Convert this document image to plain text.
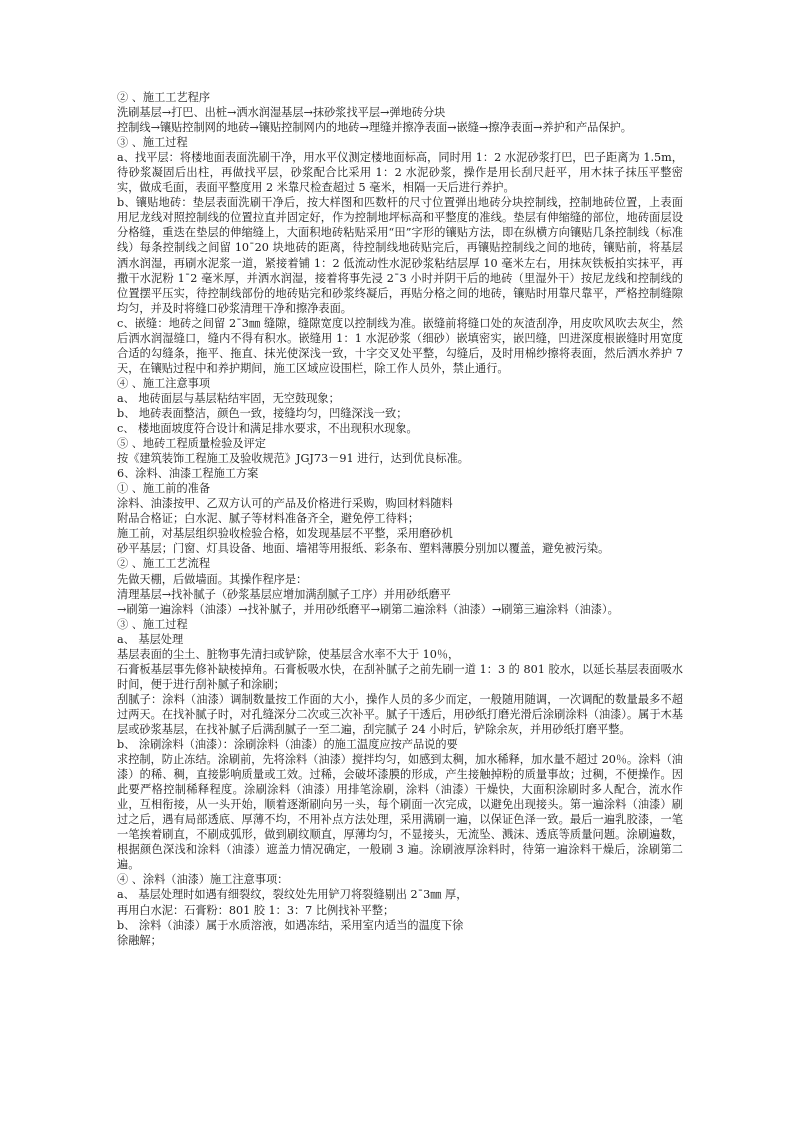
② 、施工工艺程序
洗刷基层→打巴、出桩→洒水润湿基层→抹砂浆找平层→弹地砖分块
控制线→镶贴控制网的地砖→镶贴控制网内的地砖→理缝并擦净表面→嵌缝→擦净表面→养护和产品保护。
③ 、施工过程
a、找平层：将楼地面表面洗刷干净，用水平仪测定楼地面标高，同时用 1：2 水泥砂浆打巴，巴子距离为 1.5m，待砂浆凝固后出柱，再做找平层，砂浆配合比采用 1：2 水泥砂浆，操作是用长刮尺赶平，用木抹子抹压平整密实，做成毛面，表面平整度用 2 米靠尺检查超过 5 毫米，相隔一天后进行养护。
b、镶贴地砖：垫层表面洗刷干净后，按大样图和匹数杆的尺寸位置弹出地砖分块控制线，控制地砖位置，上表面用尼龙线对照控制线的位置拉直并固定好，作为控制地坪标高和平整度的准线。垫层有伸缩缝的部位，地砖面层设分格缝，重迭在垫层的伸缩缝上，大面积地砖粘贴采用“田”字形的镶贴方法，即在纵横方向镶贴几条控制线（标准线）每条控制线之间留 10ˉ20 块地砖的距离，待控制线地砖贴完后，再镶贴控制线之间的地砖，镶贴前，将基层洒水润湿，再刷水泥浆一道，紧接着铺 1：2 低流动性水泥砂浆粘结层厚 10 毫米左右，用抹灰铁板拍实抹平，再撒干水泥粉 1ˉ2 毫米厚，并洒水润湿，接着将事先浸 2ˉ3 小时并阴干后的地砖（里湿外干）按尼龙线和控制线的位置摆平压实，待控制线部份的地砖贴完和砂浆终凝后，再贴分格之间的地砖，镶贴时用靠尺靠平，严格控制缝隙均匀，并及时将缝口砂浆清理干净和擦净表面。
c、嵌缝：地砖之间留 2ˉ3㎜ 缝隙，缝隙宽度以控制线为准。嵌缝前将缝口处的灰渣刮净，用皮吹风吹去灰尘，然后洒水润湿缝口，缝内不得有积水。嵌缝用 1：1 水泥砂浆（细砂）嵌填密实，嵌凹缝，凹进深度根嵌缝时用宽度合适的勾缝条，拖平、拖直、抹光使深浅一致，十字交叉处平整，勾缝后，及时用棉纱擦将表面，然后洒水养护 7 天，在镶贴过程中和养护期间，施工区域应设围栏，除工作人员外，禁止通行。
④ 、施工注意事项
a、 地砖面层与基层粘结牢固，无空鼓现象；
b、 地砖表面整洁，颜色一致，接缝均匀，凹缝深浅一致；
c、 楼地面坡度符合设计和满足排水要求，不出现积水现象。
⑤ 、地砖工程质量检验及评定
按《建筑装饰工程施工及验收规范》JGJ73－91 进行，达到优良标准。
6、涂料、油漆工程施工方案
① 、施工前的准备
涂料、油漆按甲、乙双方认可的产品及价格进行采购，购回材料随料
附品合格证；白水泥、腻子等材料准备齐全，避免停工待料；
施工前，对基层组织验收检验合格，如发现基层不平整，采用磨砂机
砂平基层；门窗、灯具设备、地面、墙裙等用报纸、彩条布、塑料薄膜分别加以覆盖，避免被污染。
② 、施工工艺流程
先做天棚，后做墙面。其操作程序是：
清理基层→找补腻子（砂浆基层应增加满刮腻子工序）并用砂纸磨平
→刷第一遍涂料（油漆）→找补腻子，并用砂纸磨平→刷第二遍涂料（油漆）→刷第三遍涂料（油漆）。
③ 、施工过程
a、 基层处理
基层表面的尘土、脏物事先清扫或铲除，使基层含水率不大于 10％，
石膏板基层事先修补缺棱掉角。石膏板吸水快，在刮补腻子之前先刷一道 1：3 的 801 胶水，以延长基层表面吸水时间，便于进行刮补腻子和涂刷；
刮腻子：涂料（油漆）调制数量按工作面的大小，操作人员的多少而定，一般随用随调，一次调配的数量最多不超过两天。在找补腻子时，对孔缝深分二次或三次补平。腻子干透后，用砂纸打磨光滑后涂刷涂料（油漆）。属于木基层或砂浆基层，在找补腻子后满刮腻子一至二遍，刮完腻子 24 小时后，铲除余灰，并用砂纸打磨平整。
b、 涂刷涂料（油漆）：涂刷涂料（油漆）的施工温度应按产品说的要
求控制，防止冻结。涂刷前，先将涂料（油漆）搅拌均匀，如感到太稠，加水稀释，加水量不超过 20％。涂料（油漆）的稀、稠，直接影响质量或工效。过稀，会破坏漆膜的形成，产生接触掉粉的质量事故；过稠，不便操作。因此要严格控制稀释程度。涂刷涂料（油漆）用排笔涂刷，涂料（油漆）干燥快，大面积涂刷时多人配合，流水作业，互相衔接，从一头开始，顺着逐渐刷向另一头，每个刷面一次完成，以避免出现接头。第一遍涂料（油漆）刷过之后，遇有局部透底、厚薄不均，不用补点方法处理，采用满刷一遍，以保证色泽一致。最后一遍乳胶漆，一笔一笔挨着刷直，不刷成弧形，做到刷纹顺直，厚薄均匀，不显接头，无流坠、溅沫、透底等质量问题。涂刷遍数，根据颜色深浅和涂料（油漆）遮盖力情况确定，一般刷 3 遍。涂刷液厚涂料时，待第一遍涂料干燥后，涂刷第二遍。
④ 、涂料（油漆）施工注意事项：
a、 基层处理时如遇有细裂纹，裂纹处先用铲刀将裂缝剔出 2ˉ3㎜ 厚，
再用白水泥：石膏粉：801 胶 1：3：7 比例找补平整；
b、 涂料（油漆）属于水质溶液，如遇冻结，采用室内适当的温度下徐
徐融解；
